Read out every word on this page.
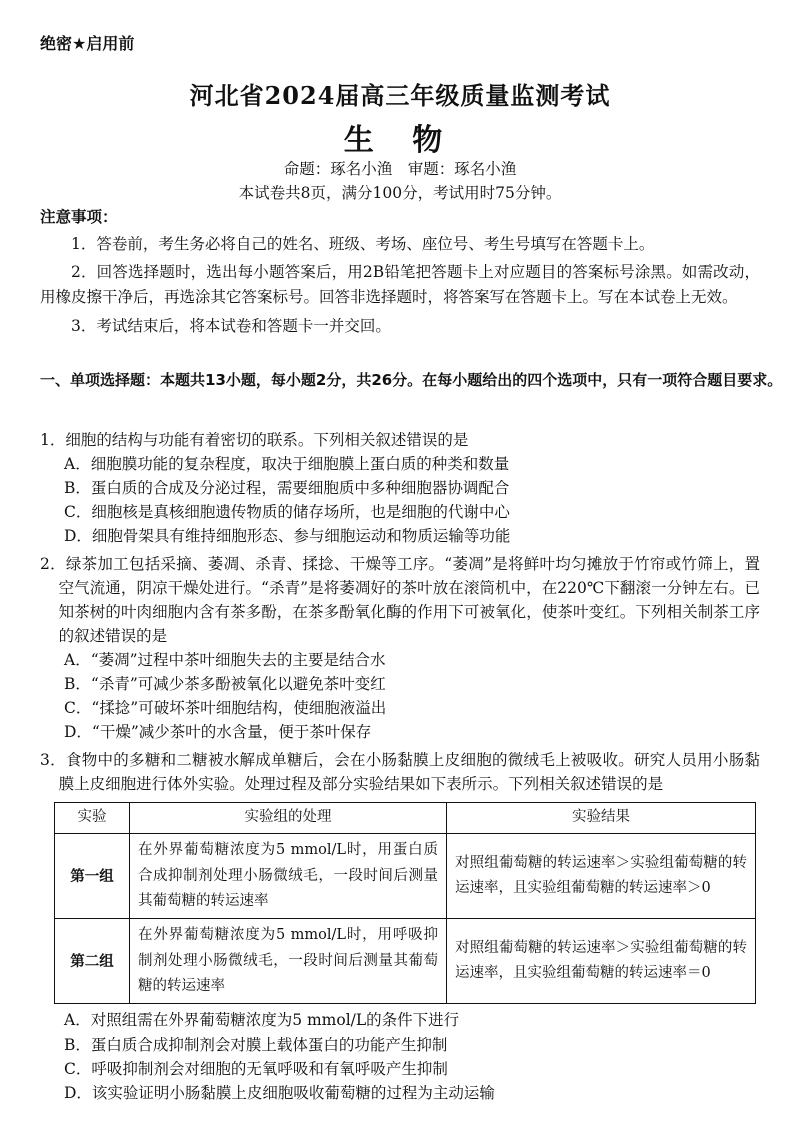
绝密★启用前
河北省2024届高三年级质量监测考试
生 物
命题：琢名小渔　审题：琢名小渔
本试卷共8页，满分100分，考试用时75分钟。
注意事项：

1．答卷前，考生务必将自己的姓名、班级、考场、座位号、考生号填写在答题卡上。

2．回答选择题时，选出每小题答案后，用2B铅笔把答题卡上对应题目的答案标号涂黑。如需改动，用橡皮擦干净后，再选涂其它答案标号。回答非选择题时，将答案写在答题卡上。写在本试卷上无效。

3．考试结束后，将本试卷和答题卡一并交回。

一、单项选择题：本题共13小题，每小题2分，共26分。在每小题给出的四个选项中，只有一项符合题目要求。
1．细胞的结构与功能有着密切的联系。下列相关叙述错误的是
A．细胞膜功能的复杂程度，取决于细胞膜上蛋白质的种类和数量
B．蛋白质的合成及分泌过程，需要细胞质中多种细胞器协调配合
C．细胞核是真核细胞遗传物质的储存场所，也是细胞的代谢中心
D．细胞骨架具有维持细胞形态、参与细胞运动和物质运输等功能
2．绿茶加工包括采摘、萎凋、杀青、揉捻、干燥等工序。“萎凋”是将鲜叶均匀摊放于竹帘或竹筛上，置空气流通，阴凉干燥处进行。“杀青”是将萎凋好的茶叶放在滚筒机中，在220℃下翻滚一分钟左右。已知茶树的叶肉细胞内含有茶多酚，在茶多酚氧化酶的作用下可被氧化，使茶叶变红。下列相关制茶工序的叙述错误的是
A．“萎凋”过程中茶叶细胞失去的主要是结合水
B．“杀青”可减少茶多酚被氧化以避免茶叶变红
C．“揉捻”可破坏茶叶细胞结构，使细胞液溢出
D．“干燥”减少茶叶的水含量，便于茶叶保存
3．食物中的多糖和二糖被水解成单糖后，会在小肠黏膜上皮细胞的微绒毛上被吸收。研究人员用小肠黏膜上皮细胞进行体外实验。处理过程及部分实验结果如下表所示。下列相关叙述错误的是
实验	实验组的处理	实验结果
第一组	在外界葡萄糖浓度为5 mmol/L时，用蛋白质合成抑制剂处理小肠微绒毛，一段时间后测量其葡萄糖的转运速率	对照组葡萄糖的转运速率＞实验组葡萄糖的转运速率，且实验组葡萄糖的转运速率＞0
第二组	在外界葡萄糖浓度为5 mmol/L时，用呼吸抑制剂处理小肠微绒毛，一段时间后测量其葡萄糖的转运速率	对照组葡萄糖的转运速率＞实验组葡萄糖的转运速率，且实验组葡萄糖的转运速率＝0
A．对照组需在外界葡萄糖浓度为5 mmol/L的条件下进行
B．蛋白质合成抑制剂会对膜上载体蛋白的功能产生抑制
C．呼吸抑制剂会对细胞的无氧呼吸和有氧呼吸产生抑制
D．该实验证明小肠黏膜上皮细胞吸收葡萄糖的过程为主动运输
